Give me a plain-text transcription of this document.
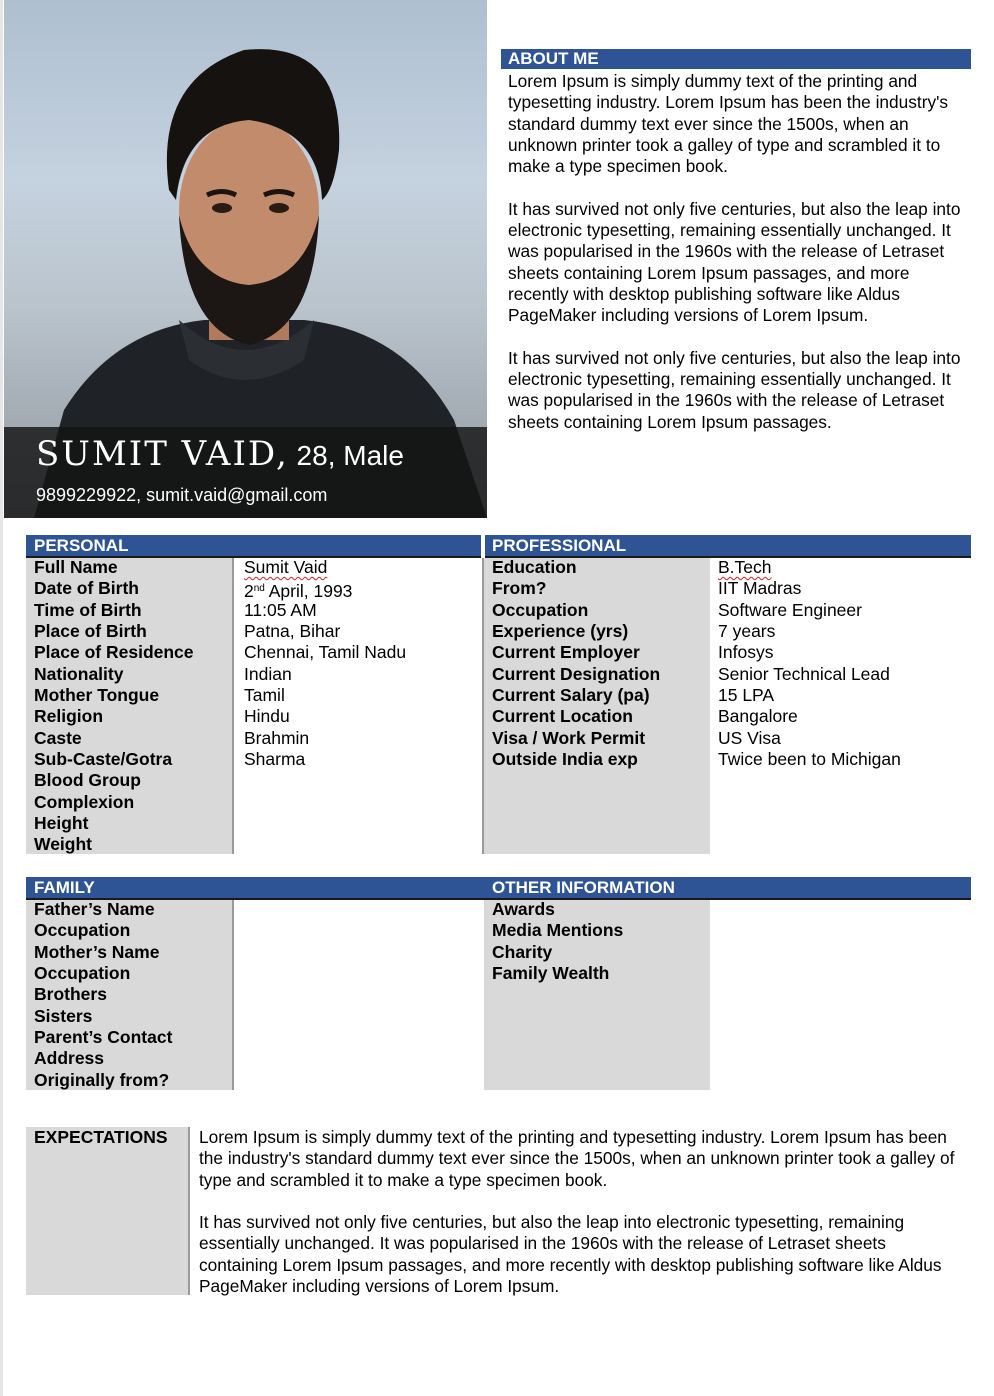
SUMIT VAID, 28, Male
9899229922, sumit.vaid@gmail.com
ABOUT ME

Lorem Ipsum is simply dummy text of the printing and typesetting industry. Lorem Ipsum has been the industry's standard dummy text ever since the 1500s, when an unknown printer took a galley of type and scrambled it to make a type specimen book.

It has survived not only five centuries, but also the leap into electronic typesetting, remaining essentially unchanged. It was popularised in the 1960s with the release of Letraset sheets containing Lorem Ipsum passages, and more recently with desktop publishing software like Aldus PageMaker including versions of Lorem Ipsum.

It has survived not only five centuries, but also the leap into electronic typesetting, remaining essentially unchanged. It was popularised in the 1960s with the release of Letraset sheets containing Lorem Ipsum passages.

PERSONAL	PROFESSIONAL
Full Name
Date of Birth
Time of Birth
Place of Birth
Place of Residence
Nationality
Mother Tongue
Religion
Caste
Sub-Caste/Gotra
Blood Group
Complexion
Height
Weight
Sumit Vaid
2nd April, 1993
11:05 AM
Patna, Bihar
Chennai, Tamil Nadu
Indian
Tamil
Hindu
Brahmin
Sharma
Education
From?
Occupation
Experience (yrs)
Current Employer
Current Designation
Current Salary (pa)
Current Location
Visa / Work Permit
Outside India exp
B.Tech
IIT Madras
Software Engineer
7 years
Infosys
Senior Technical Lead
15 LPA
Bangalore
US Visa
Twice been to Michigan
FAMILY	OTHER INFORMATION
Father’s Name
Occupation
Mother’s Name
Occupation
Brothers
Sisters
Parent’s Contact
Address
Originally from?
Awards
Media Mentions
Charity
Family Wealth
EXPECTATIONS Lorem Ipsum is simply dummy text of the printing and typesetting industry. Lorem Ipsum has been the industry's standard dummy text ever since the 1500s, when an unknown printer took a galley of type and scrambled it to make a type specimen book.

It has survived not only five centuries, but also the leap into electronic typesetting, remaining essentially unchanged. It was popularised in the 1960s with the release of Letraset sheets containing Lorem Ipsum passages, and more recently with desktop publishing software like Aldus PageMaker including versions of Lorem Ipsum.
